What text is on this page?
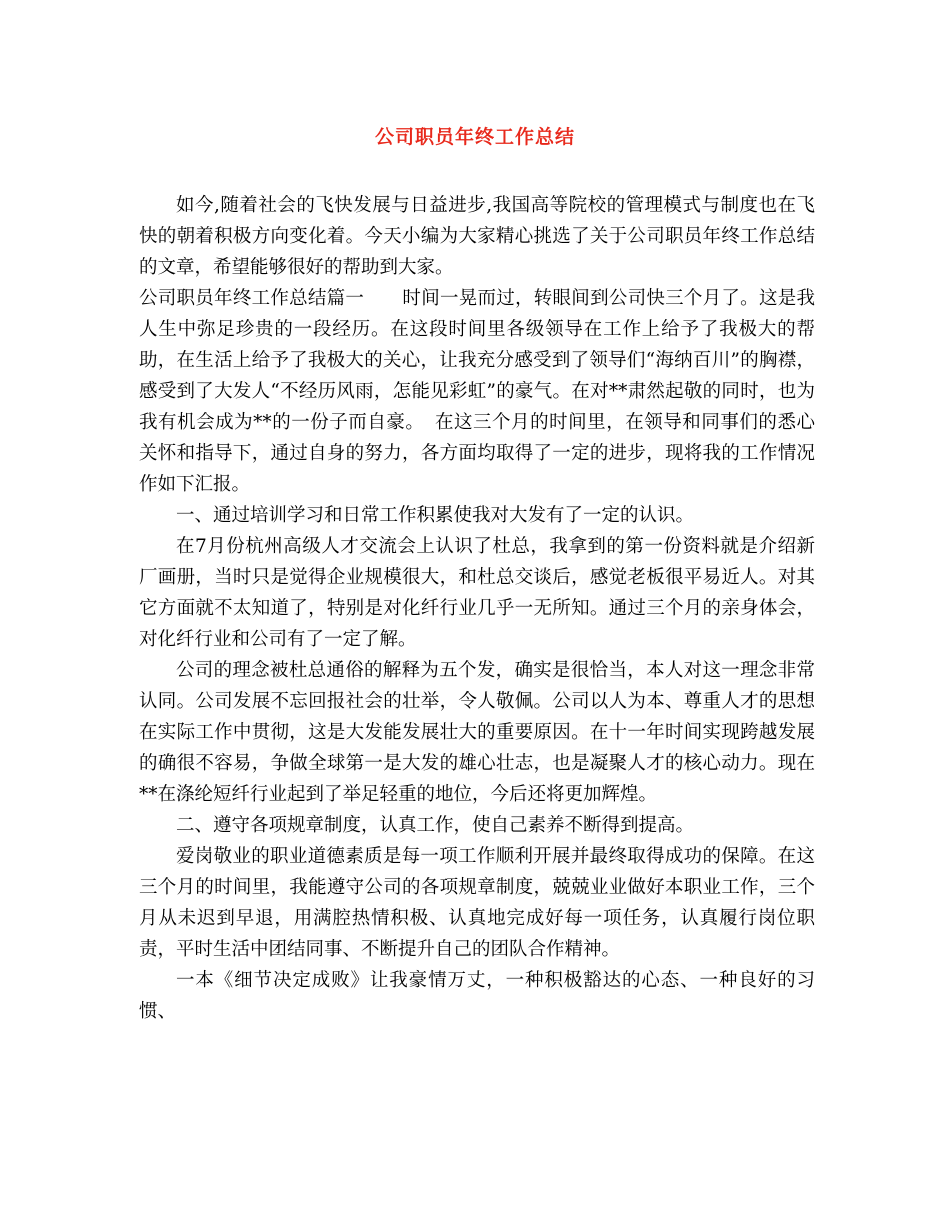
公司职员年终工作总结

如今,随着社会的飞快发展与日益进步,我国高等院校的管理模式与制度也在飞快的朝着积极方向变化着。今天小编为大家精心挑选了关于公司职员年终工作总结的文章，希望能够很好的帮助到大家。

公司职员年终工作总结篇一 时间一晃而过，转眼间到公司快三个月了。这是我人生中弥足珍贵的一段经历。在这段时间里各级领导在工作上给予了我极大的帮助，在生活上给予了我极大的关心，让我充分感受到了领导们“海纳百川”的胸襟，感受到了大发人“不经历风雨，怎能见彩虹”的豪气。在对**肃然起敬的同时，也为我有机会成为**的一份子而自豪。 在这三个月的时间里，在领导和同事们的悉心关怀和指导下，通过自身的努力，各方面均取得了一定的进步，现将我的工作情况作如下汇报。

一、通过培训学习和日常工作积累使我对大发有了一定的认识。

在7月份杭州高级人才交流会上认识了杜总，我拿到的第一份资料就是介绍新厂画册，当时只是觉得企业规模很大，和杜总交谈后，感觉老板很平易近人。对其它方面就不太知道了，特别是对化纤行业几乎一无所知。通过三个月的亲身体会，对化纤行业和公司有了一定了解。

公司的理念被杜总通俗的解释为五个发，确实是很恰当，本人对这一理念非常认同。公司发展不忘回报社会的壮举，令人敬佩。公司以人为本、尊重人才的思想在实际工作中贯彻，这是大发能发展壮大的重要原因。在十一年时间实现跨越发展的确很不容易，争做全球第一是大发的雄心壮志，也是凝聚人才的核心动力。现在**在涤纶短纤行业起到了举足轻重的地位，今后还将更加辉煌。

二、遵守各项规章制度，认真工作，使自己素养不断得到提高。

爱岗敬业的职业道德素质是每一项工作顺利开展并最终取得成功的保障。在这三个月的时间里，我能遵守公司的各项规章制度，兢兢业业做好本职业工作，三个月从未迟到早退，用满腔热情积极、认真地完成好每一项任务，认真履行岗位职责，平时生活中团结同事、不断提升自己的团队合作精神。

一本《细节决定成败》让我豪情万丈，一种积极豁达的心态、一种良好的习惯、
